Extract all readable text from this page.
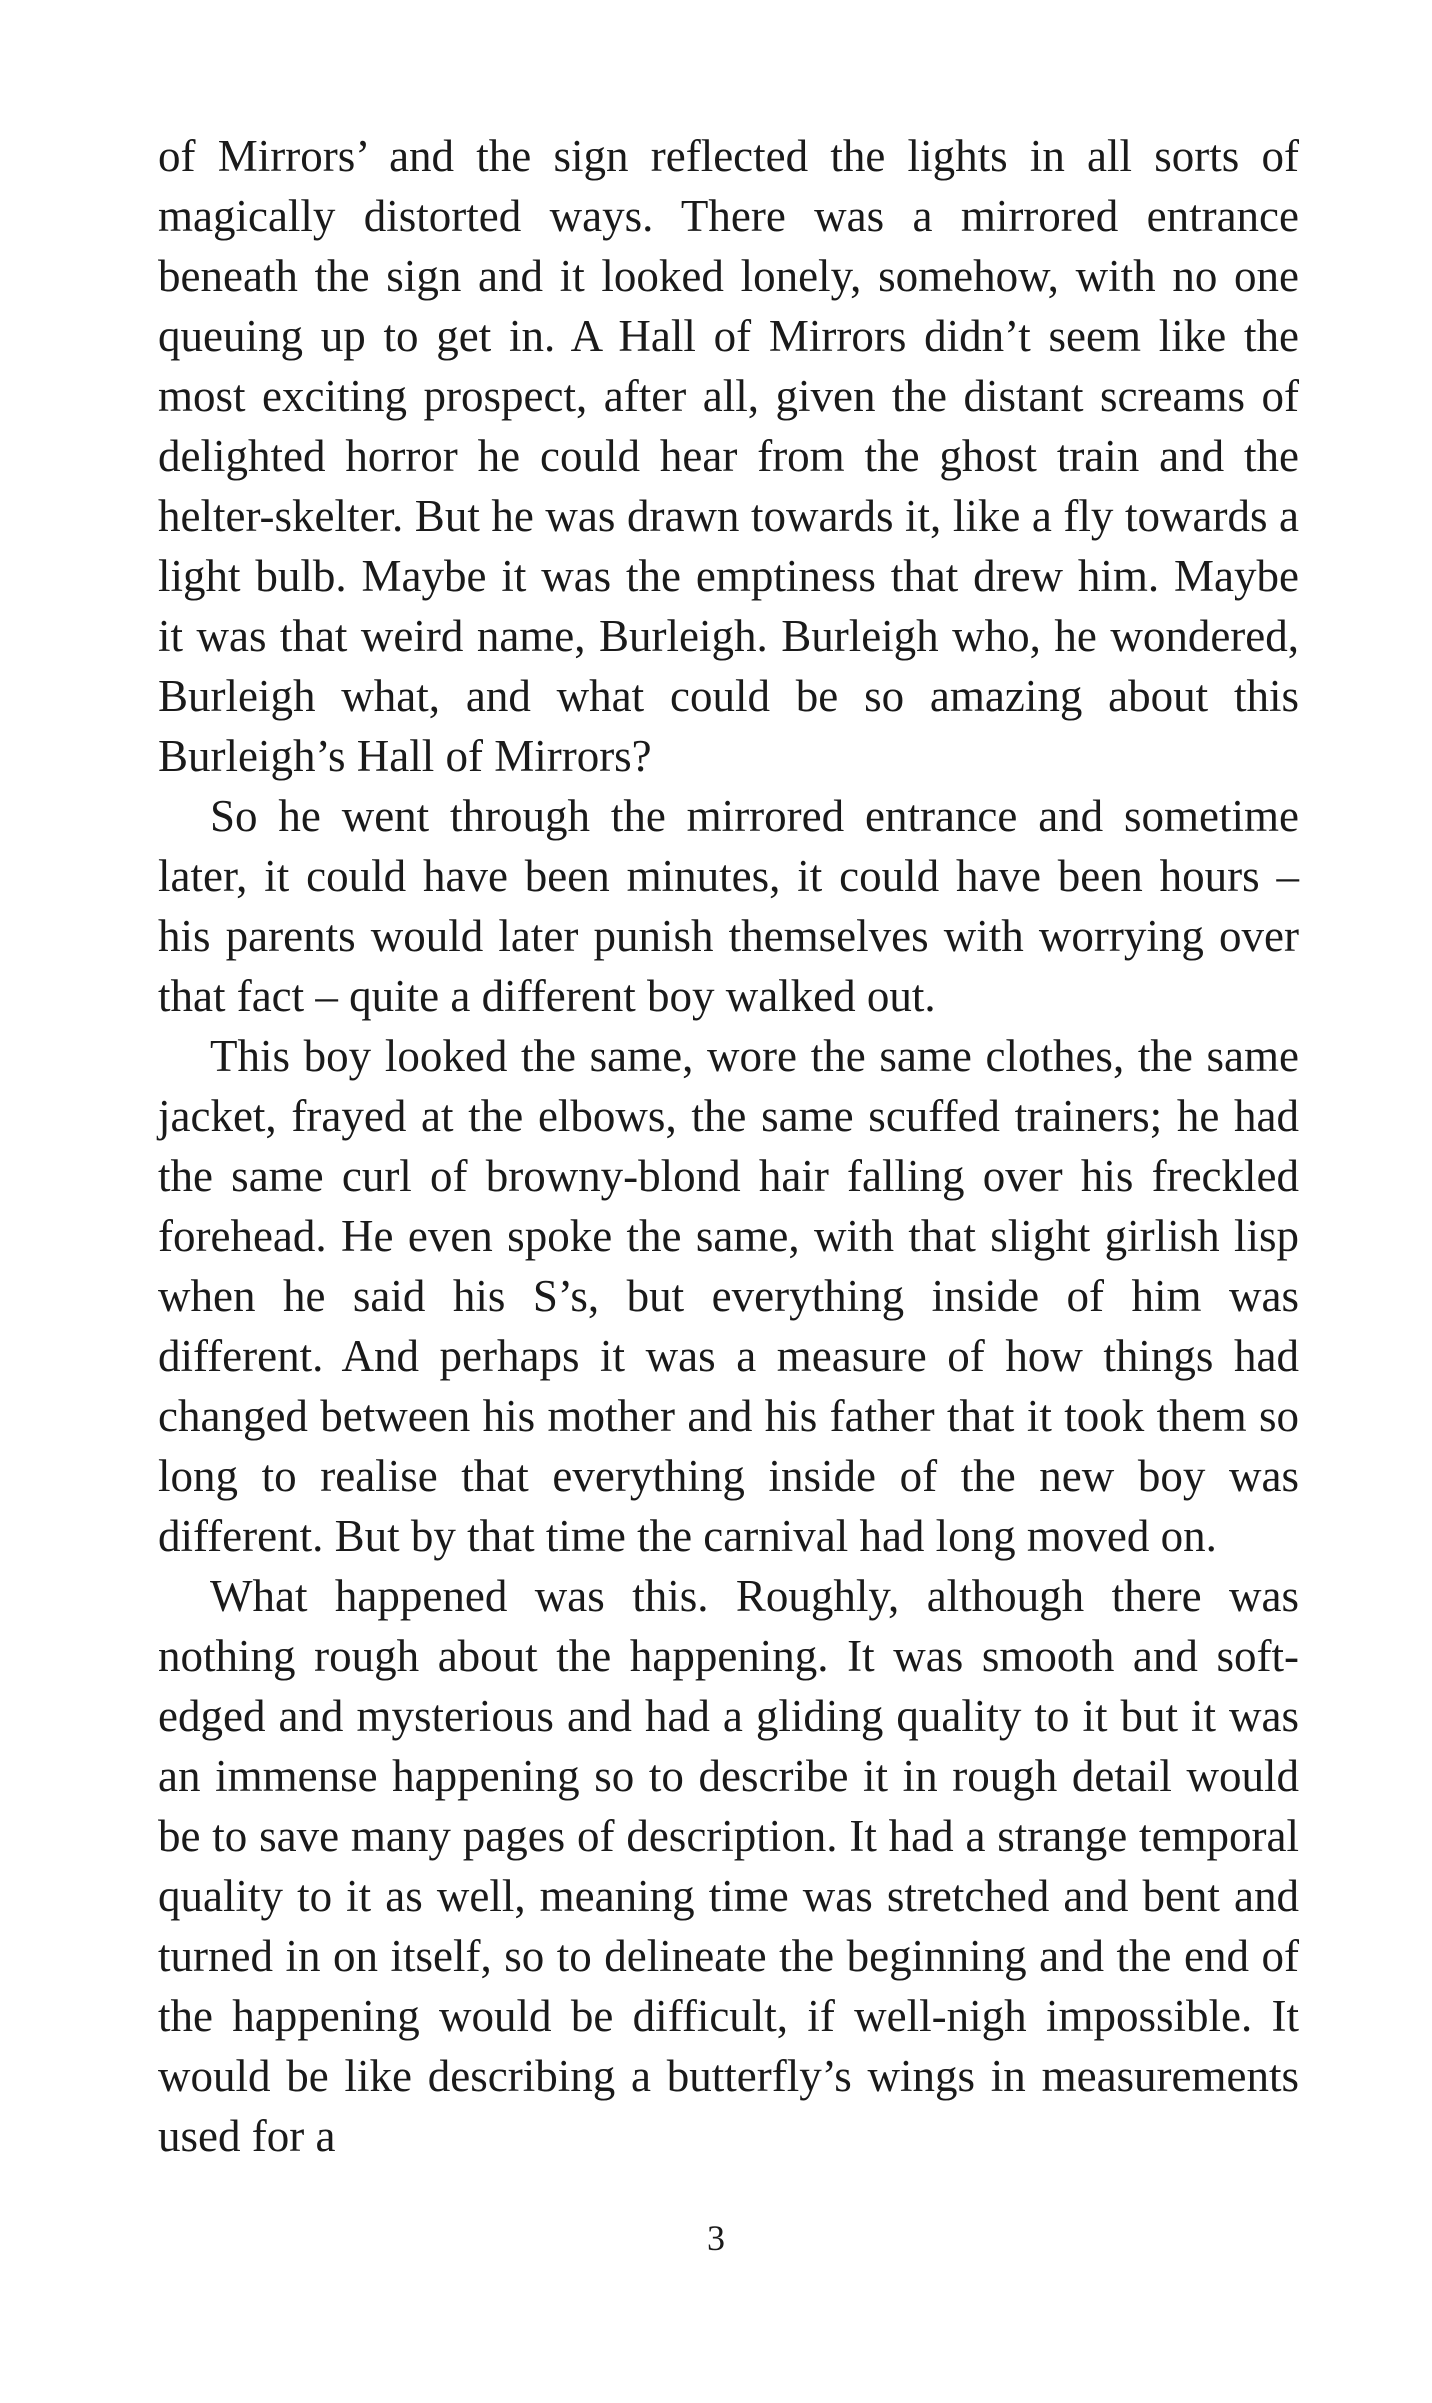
of Mirrors’ and the sign reflected the lights in all sorts of magically distorted ways. There was a mirrored entrance beneath the sign and it looked lonely, somehow, with no one queuing up to get in. A Hall of Mirrors didn’t seem like the most exciting prospect, after all, given the distant screams of delighted horror he could hear from the ghost train and the helter-skelter. But he was drawn towards it, like a fly towards a light bulb. Maybe it was the emptiness that drew him. Maybe it was that weird name, Burleigh. Burleigh who, he wondered, Burleigh what, and what could be so amazing about this Burleigh’s Hall of Mirrors?

So he went through the mirrored entrance and sometime later, it could have been minutes, it could have been hours – his parents would later punish themselves with worrying over that fact – quite a different boy walked out.

This boy looked the same, wore the same clothes, the same jacket, frayed at the elbows, the same scuffed trainers; he had the same curl of browny-blond hair falling over his freckled forehead. He even spoke the same, with that slight girlish lisp when he said his S’s, but everything inside of him was different. And perhaps it was a measure of how things had changed between his mother and his father that it took them so long to realise that everything inside of the new boy was different. But by that time the carnival had long moved on.

What happened was this. Roughly, although there was nothing rough about the happening. It was smooth and soft-edged and mysterious and had a gliding quality to it but it was an immense happening so to describe it in rough detail would be to save many pages of description. It had a strange temporal quality to it as well, meaning time was stretched and bent and turned in on itself, so to delineate the beginning and the end of the happening would be difficult, if well-nigh impossible. It would be like describing a butterfly’s wings in measurements used for a

3
